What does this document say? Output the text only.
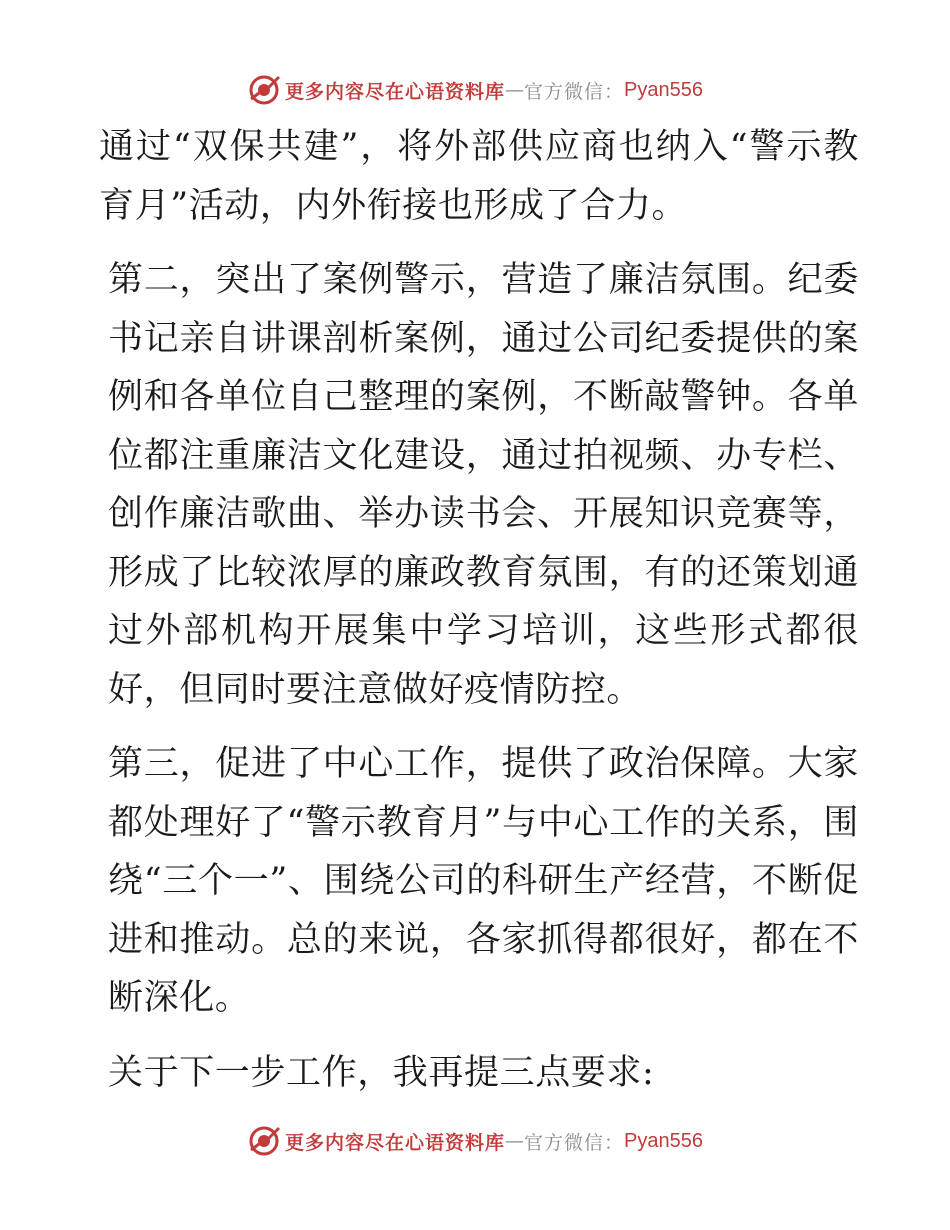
更多内容尽在心语资料库 — 官方微信： Pyan556

通过“双保共建”，将外部供应商也纳入“警示教育月”活动，内外衔接也形成了合力。

第二，突出了案例警示，营造了廉洁氛围。纪委书记亲自讲课剖析案例，通过公司纪委提供的案例和各单位自己整理的案例，不断敲警钟。各单位都注重廉洁文化建设，通过拍视频、办专栏、创作廉洁歌曲、举办读书会、开展知识竞赛等，形成了比较浓厚的廉政教育氛围，有的还策划通过外部机构开展集中学习培训，这些形式都很好，但同时要注意做好疫情防控。

第三，促进了中心工作，提供了政治保障。大家都处理好了“警示教育月”与中心工作的关系，围绕“三个一”、围绕公司的科研生产经营，不断促进和推动。总的来说，各家抓得都很好，都在不断深化。

关于下一步工作，我再提三点要求:

更多内容尽在心语资料库 — 官方微信： Pyan556
